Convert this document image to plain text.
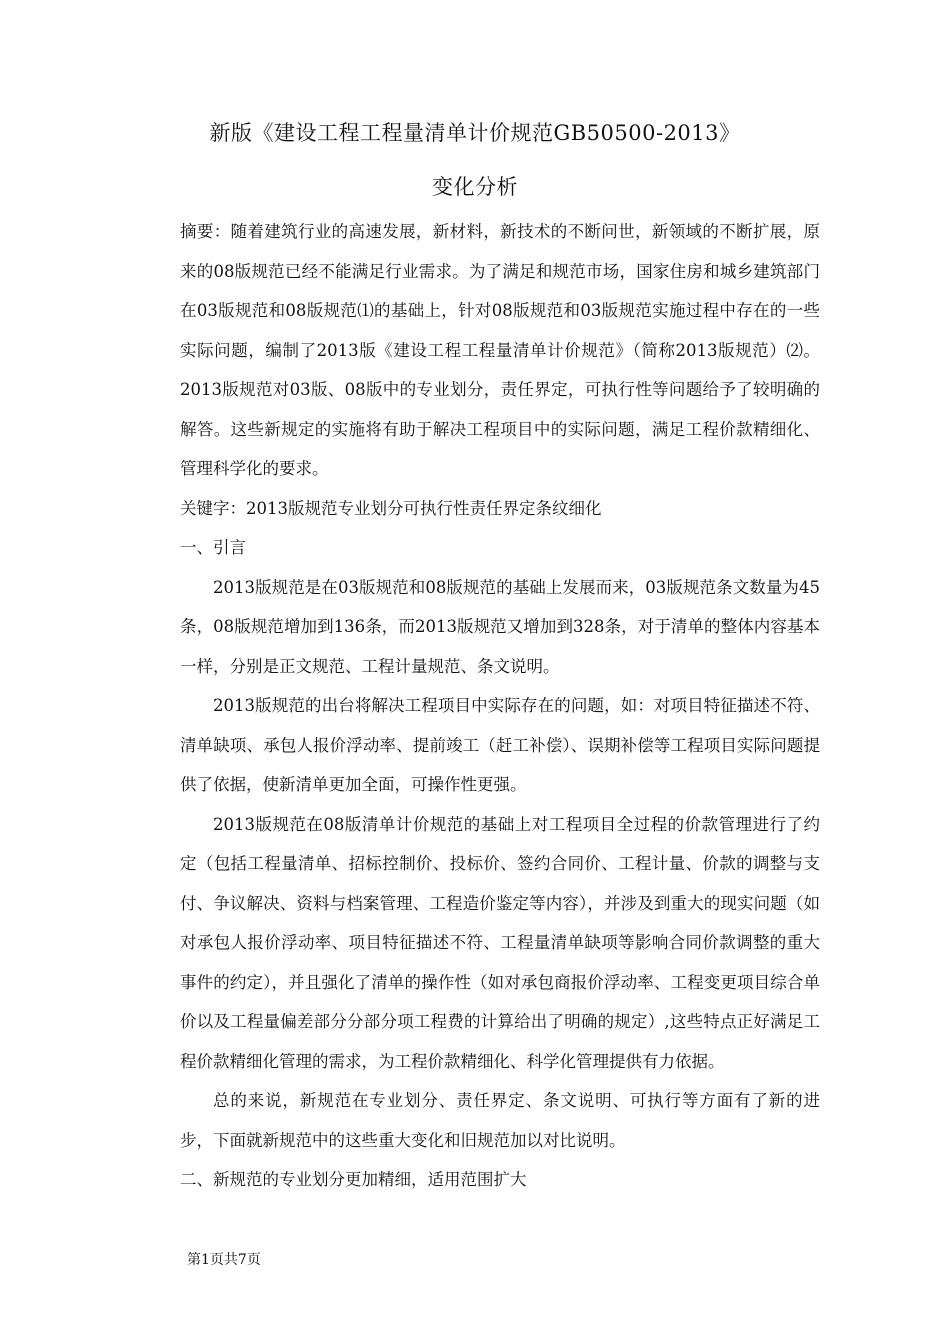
新版《建设工程工程量清单计价规范GB50500-2013》
变化分析

摘要：随着建筑行业的高速发展，新材料，新技术的不断问世，新领域的不断扩展，原来的08版规范已经不能满足行业需求。为了满足和规范市场，国家住房和城乡建筑部门在03版规范和08版规范⑴的基础上，针对08版规范和03版规范实施过程中存在的一些实际问题，编制了2013版《建设工程工程量清单计价规范》（简称2013版规范）⑵。2013版规范对03版、08版中的专业划分，责任界定，可执行性等问题给予了较明确的解答。这些新规定的实施将有助于解决工程项目中的实际问题，满足工程价款精细化、管理科学化的要求。

关键字：2013版规范专业划分可执行性责任界定条纹细化

一、引言

2013版规范是在03版规范和08版规范的基础上发展而来，03版规范条文数量为45条，08版规范增加到136条，而2013版规范又增加到328条，对于清单的整体内容基本一样，分别是正文规范、工程计量规范、条文说明。

2013版规范的出台将解决工程项目中实际存在的问题，如：对项目特征描述不符、清单缺项、承包人报价浮动率、提前竣工（赶工补偿）、误期补偿等工程项目实际问题提供了依据，使新清单更加全面，可操作性更强。

2013版规范在08版清单计价规范的基础上对工程项目全过程的价款管理进行了约定（包括工程量清单、招标控制价、投标价、签约合同价、工程计量、价款的调整与支付、争议解决、资料与档案管理、工程造价鉴定等内容），并涉及到重大的现实问题（如对承包人报价浮动率、项目特征描述不符、工程量清单缺项等影响合同价款调整的重大事件的约定），并且强化了清单的操作性（如对承包商报价浮动率、工程变更项目综合单价以及工程量偏差部分分部分项工程费的计算给出了明确的规定）,这些特点正好满足工程价款精细化管理的需求，为工程价款精细化、科学化管理提供有力依据。

总的来说，新规范在专业划分、责任界定、条文说明、可执行等方面有了新的进步，下面就新规范中的这些重大变化和旧规范加以对比说明。

二、新规范的专业划分更加精细，适用范围扩大

第1页共7页
